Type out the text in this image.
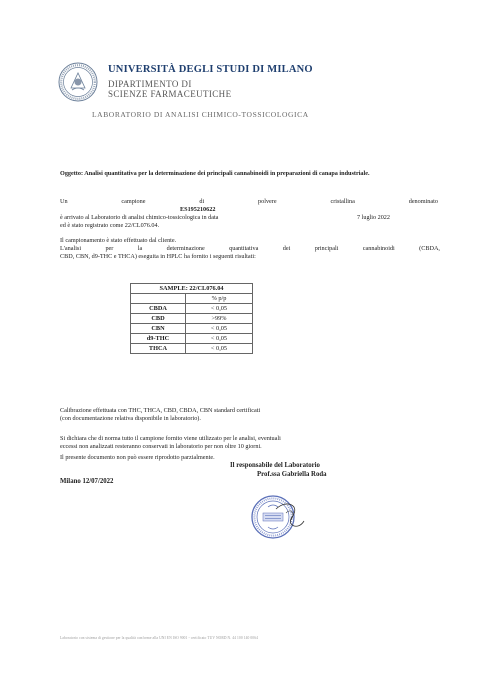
UNIVERSITÀ DEGLI STUDI DI MILANO
DIPARTIMENTO DI
SCIENZE FARMACEUTICHE
LABORATORIO DI ANALISI CHIMICO-TOSSICOLOGICA
Oggetto: Analisi quantitativa per la determinazione dei principali cannabinoidi in preparazioni di canapa industriale.
Un	campione	di	polvere	cristallina	denominato
ES195210622
è arrivato al Laboratorio di analisi chimico-tossicologica in data	7 luglio 2022
ed è stato registrato come 22/CL076.04.
Il campionamento è stato effettuato dal cliente.
L'analisi	per	la	determinazione	quantitativa	dei	principali	cannabinoidi	(CBDA,
CBD, CBN, d9-THC e THCA) eseguita in HPLC ha fornito i seguenti risultati:
SAMPLE: 22/CL076.04	
	% p/p
CBDA	< 0,05
CBD	>99%
CBN	< 0,05
d9-THC	< 0,05
THCA	< 0,05
Calibrazione effettuata con THC, THCA, CBD, CBDA, CBN standard certificati
(con documentazione relativa disponibile in laboratorio).
Si dichiara che di norma tutto il campione fornito viene utilizzato per le analisi, eventuali
eccessi non analizzati resteranno conservati in laboratorio per non oltre 10 giorni.
Il presente documento non può essere riprodotto parzialmente.
Milano 12/07/2022
Il responsabile del Laboratorio
Prof.ssa Gabriella Roda
Laboratorio con sistema di gestione per la qualità conforme alla UNI EN ISO 9001 - certificato TUV NORD N. 44 100 140 0064
